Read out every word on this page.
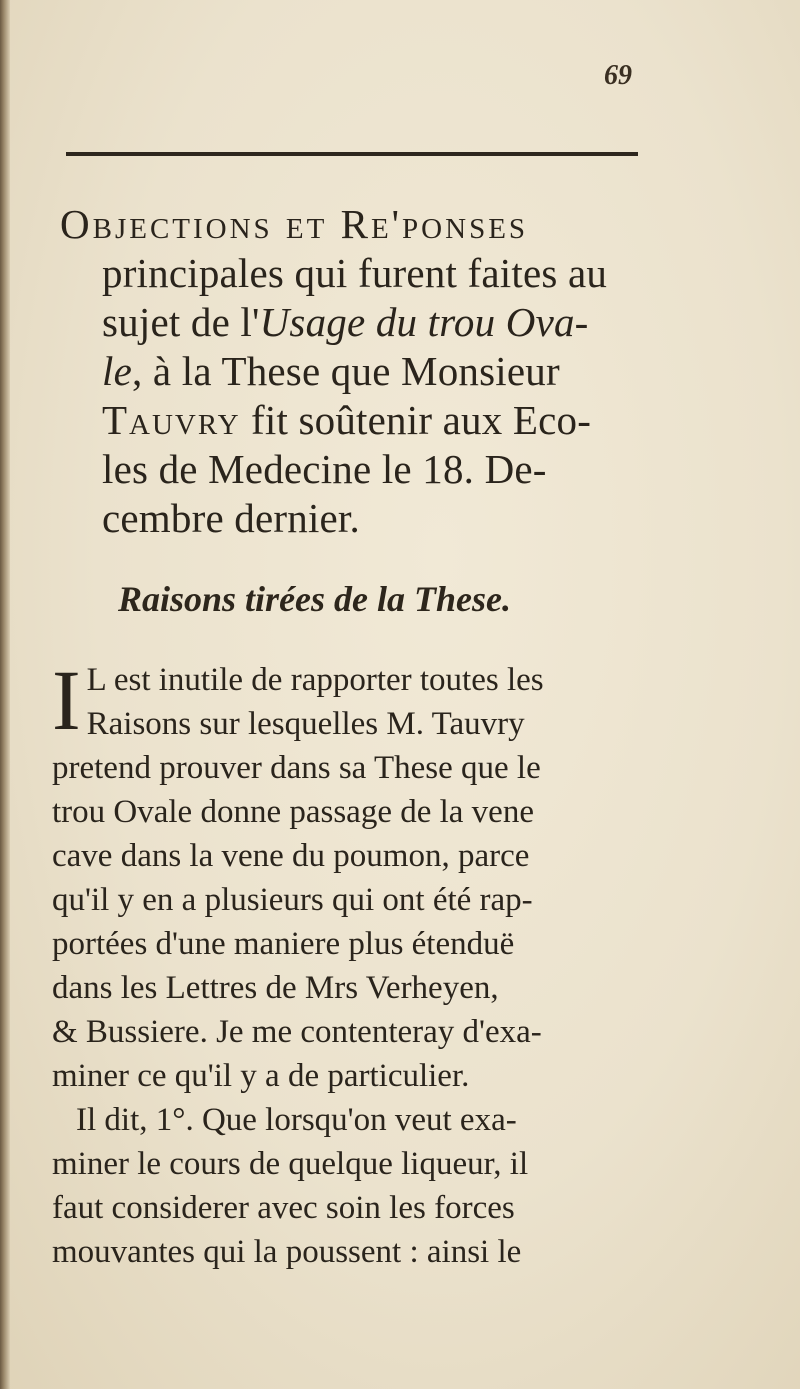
69
Objections et Re'ponses
principales qui furent faites au
sujet de l'Usage du trou Ova-
le, à la These que Monsieur
Tauvry fit soûtenir aux Eco-
les de Medecine le 18. De-
cembre dernier.
Raisons tirées de la These.
I L est inutile de rapporter toutes les
Raisons sur lesquelles M. Tauvry
pretend prouver dans sa These que le
trou Ovale donne passage de la vene
cave dans la vene du poumon, parce
qu'il y en a plusieurs qui ont été rap-
portées d'une maniere plus étenduë
dans les Lettres de Mrs Verheyen,
& Bussiere. Je me contenteray d'exa-
miner ce qu'il y a de particulier.
Il dit, 1°. Que lorsqu'on veut exa-
miner le cours de quelque liqueur, il
faut considerer avec soin les forces
mouvantes qui la poussent : ainsi le
